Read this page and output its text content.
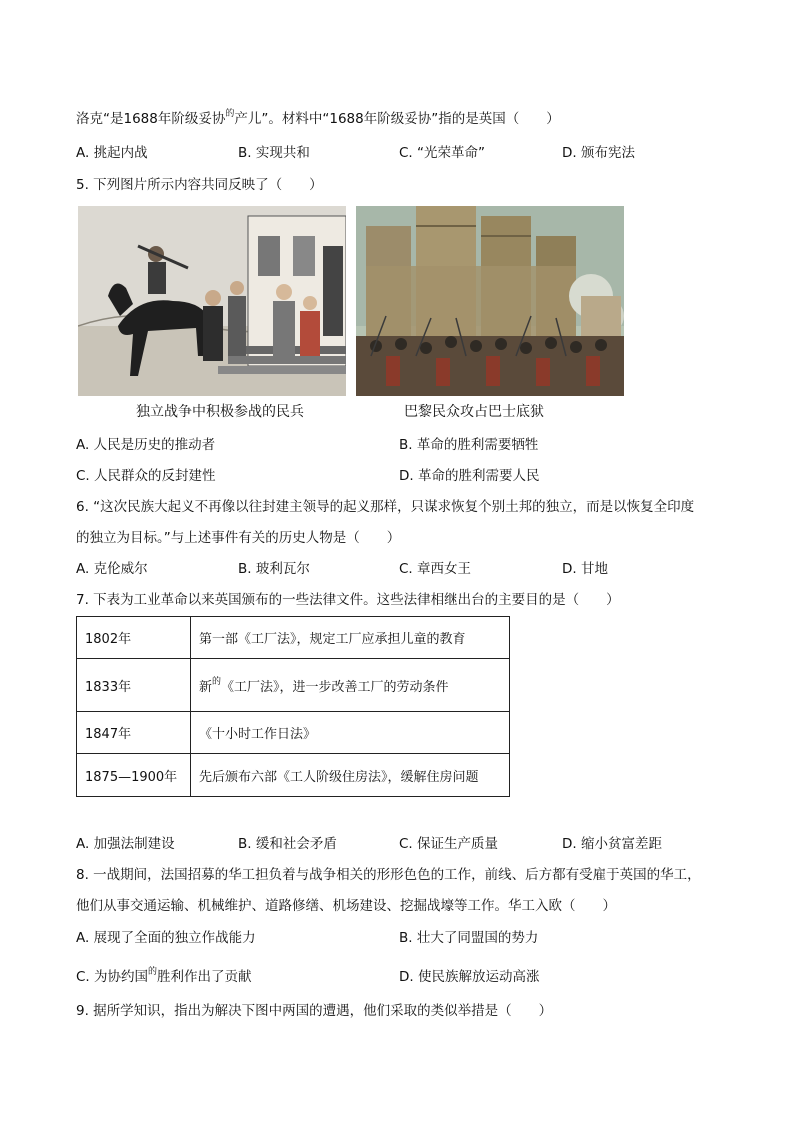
洛克“是1688年阶级妥协$^的$产儿”。材料中“1688年阶级妥协”指的是英国（　　）
A. 挑起内战	B. 实现共和	C. “光荣革命”	D. 颁布宪法
5. 下列图片所示内容共同反映了（　　）
独立战争中积极参战的民兵	巴黎民众攻占巴士底狱
A. 人民是历史的推动者	B. 革命的胜利需要牺牲
C. 人民群众的反封建性	D. 革命的胜利需要人民
6. “这次民族大起义不再像以往封建主领导的起义那样，只谋求恢复个别土邦的独立，而是以恢复全印度
的独立为目标。”与上述事件有关的历史人物是（　　）
A. 克伦威尔	B. 玻利瓦尔	C. 章西女王	D. 甘地
7. 下表为工业革命以来英国颁布的一些法律文件。这些法律相继出台的主要目的是（　　）
1802年	第一部《工厂法》，规定工厂应承担儿童的教育
1833年	新$^的$《工厂法》，进一步改善工厂的劳动条件
1847年	《十小时工作日法》
1875—1900年	先后颁布六部《工人阶级住房法》，缓解住房问题
A. 加强法制建设	B. 缓和社会矛盾	C. 保证生产质量	D. 缩小贫富差距
8. 一战期间，法国招募的华工担负着与战争相关的形形色色的工作，前线、后方都有受雇于英国的华工，
他们从事交通运输、机械维护、道路修缮、机场建设、挖掘战壕等工作。华工入欧（　　）
A. 展现了全面的独立作战能力	B. 壮大了同盟国的势力
C. 为协约国$^的$胜利作出了贡献	D. 使民族解放运动高涨
9. 据所学知识，指出为解决下图中两国的遭遇，他们采取的类似举措是（　　）
